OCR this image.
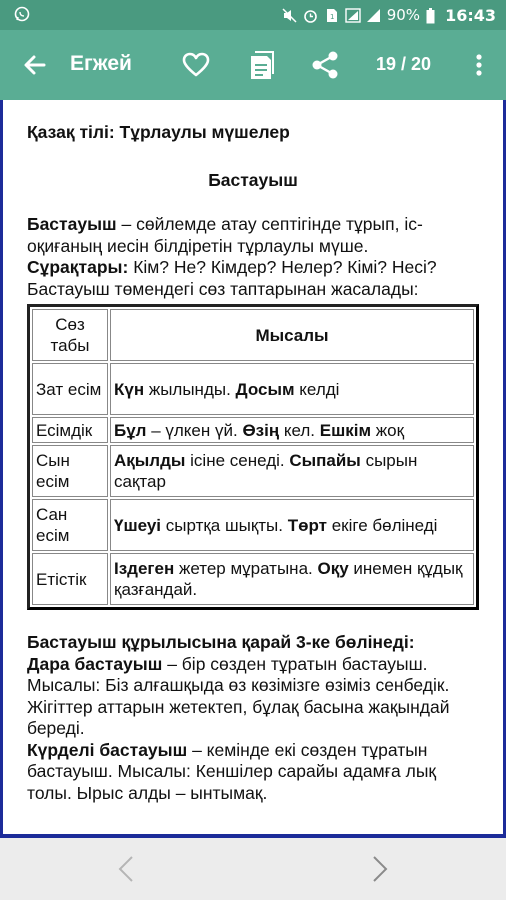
1	90% 16:43
Егжей	19 / 20
Қазақ тілі: Тұрлаулы мүшелер
Бастауыш

Бастауыш – сөйлемде атау септігінде тұрып, іс-оқиғаның иесін білдіретін тұрлаулы мүше.

Сұрақтары: Кім? Не? Кімдер? Нелер? Кімі? Несі?

Бастауыш төмендегі сөз таптарынан жасалады:

Сөз табы	Мысалы
Зат есім	Күн жылынды. Досым келді
Есімдік	Бұл – үлкен үй. Өзің кел. Ешкім жоқ
Сын есім	Ақылды ісіне сенеді. Сыпайы сырын сақтар
Сан есім	Үшеуі сыртқа шықты. Төрт екіге бөлінеді
Етістік	Іздеген жетер мұратына. Оқу инемен құдық қазғандай.

Бастауыш құрылысына қарай 3-ке бөлінеді:

Дара бастауыш – бір сөзден тұратын бастауыш. Мысалы: Біз алғашқыда өз көзімізге өзіміз сенбедік. Жігіттер аттарын жетектеп, бұлақ басына жақындай береді.

Күрделі бастауыш – кемінде екі сөзден тұратын бастауыш. Мысалы: Кеншілер сарайы адамға лық толы. Ырыс алды – ынтымақ.
